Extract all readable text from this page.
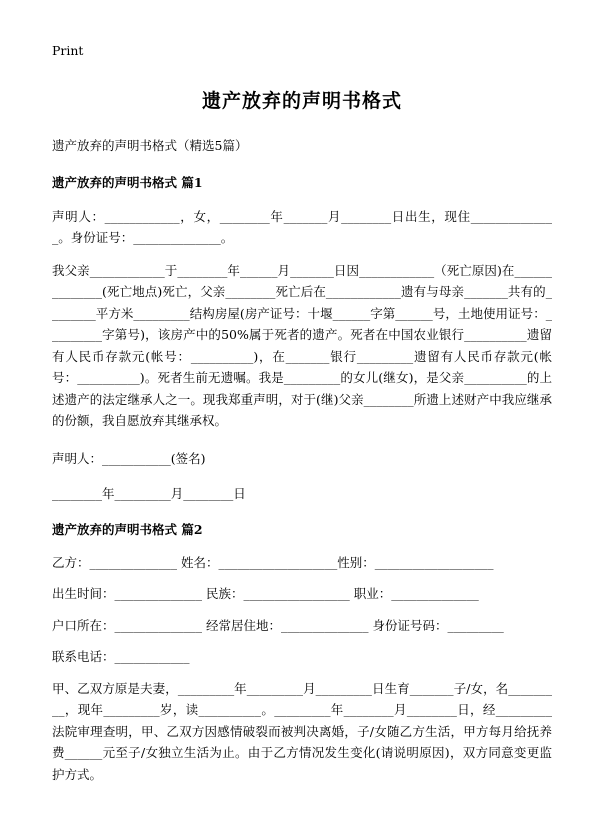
Print
遗产放弃的声明书格式

遗产放弃的声明书格式（精选5篇）

遗产放弃的声明书格式 篇1

声明人：____________，女，________年_______月________日出生，现住______________。身份证号：______________。

我父亲____________于________年______月_______日因____________（死亡原因)在______________(死亡地点)死亡，父亲________死亡后在____________遗有与母亲_______共有的________平方米_________结构房屋(房产证号：十堰______字第______号，土地使用证号：_________字第号)，该房产中的50%属于死者的遗产。死者在中国农业银行__________遗留有人民币存款元(帐号：__________)，在_______银行_________遗留有人民币存款元(帐号：__________)。死者生前无遗嘱。我是_________的女儿(继女)，是父亲__________的上述遗产的法定继承人之一。现我郑重声明，对于(继)父亲________所遗上述财产中我应继承的份额，我自愿放弃其继承权。

声明人：___________(签名)

________年_________月________日

遗产放弃的声明书格式 篇2

乙方：______________ 姓名：___________________性别：___________________

出生时间：______________ 民族：_________________ 职业：______________

户口所在：______________ 经常居住地：______________ 身份证号码：_________

联系电话：____________

甲、乙双方原是夫妻，_________年_________月_________日生育_______子/女，名_________，现年_________岁，读__________。_________年________月________日，经_________法院审理查明，甲、乙双方因感情破裂而被判决离婚，子/女随乙方生活，甲方每月给抚养费______元至子/女独立生活为止。由于乙方情况发生变化(请说明原因)，双方同意变更监护方式。
